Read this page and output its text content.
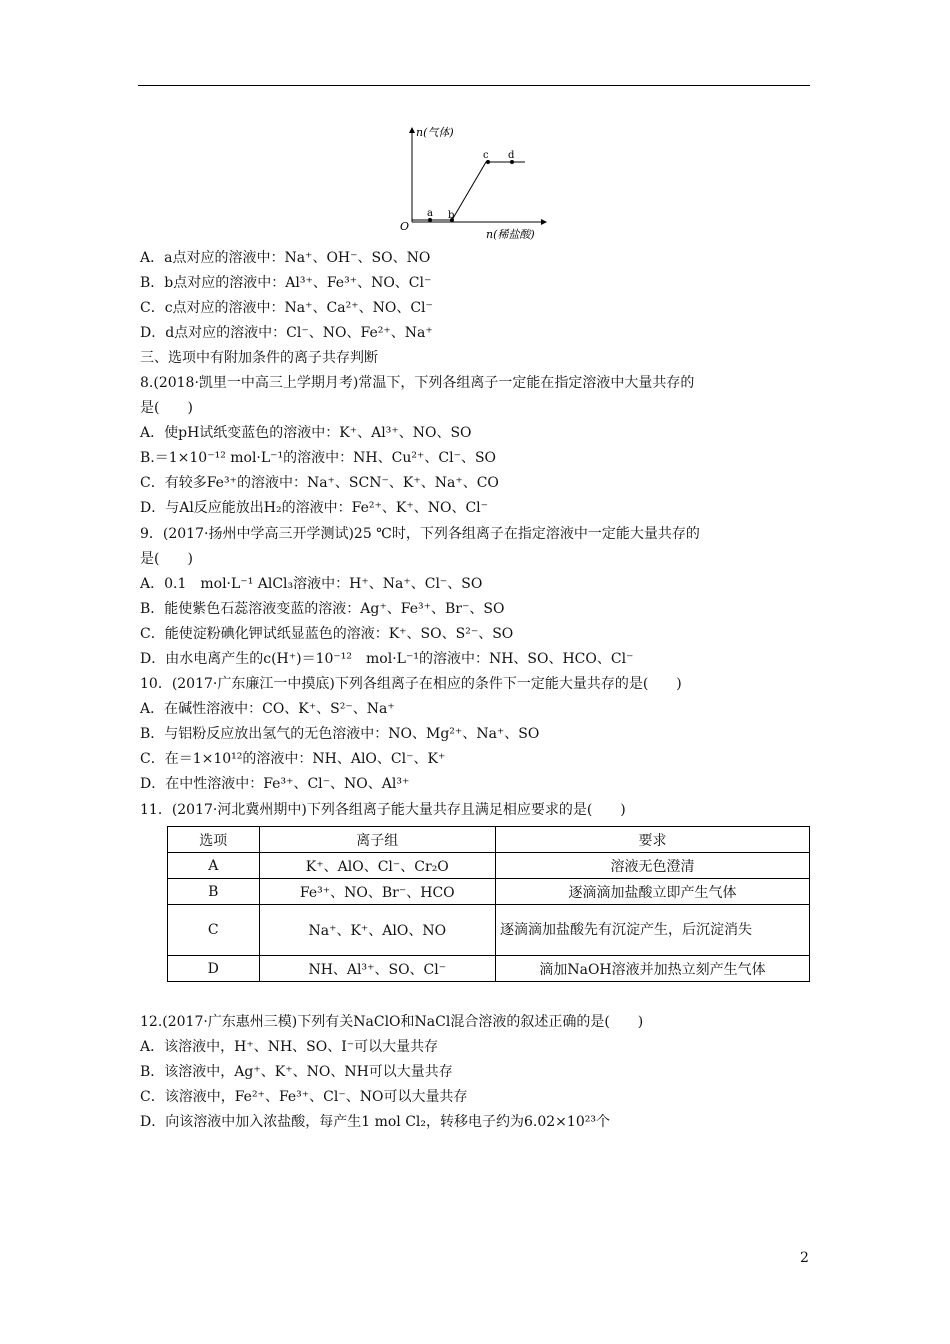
n(气体)
n(稀盐酸)
O
a b
c d
A．a点对应的溶液中：Na⁺、OH⁻、SO、NO
B．b点对应的溶液中：Al³⁺、Fe³⁺、NO、Cl⁻
C．c点对应的溶液中：Na⁺、Ca²⁺、NO、Cl⁻
D．d点对应的溶液中：Cl⁻、NO、Fe²⁺、Na⁺
三、选项中有附加条件的离子共存判断
8.(2018·凯里一中高三上学期月考)常温下，下列各组离子一定能在指定溶液中大量共存的
是(　　)
A．使pH试纸变蓝色的溶液中：K⁺、Al³⁺、NO、SO
B.＝1×10⁻¹² mol·L⁻¹的溶液中：NH、Cu²⁺、Cl⁻、SO
C．有较多Fe³⁺的溶液中：Na⁺、SCN⁻、K⁺、Na⁺、CO
D．与Al反应能放出H₂的溶液中：Fe²⁺、K⁺、NO、Cl⁻
9．(2017·扬州中学高三开学测试)25 ℃时，下列各组离子在指定溶液中一定能大量共存的
是(　　)
A．0.1　mol·L⁻¹ AlCl₃溶液中：H⁺、Na⁺、Cl⁻、SO
B．能使紫色石蕊溶液变蓝的溶液：Ag⁺、Fe³⁺、Br⁻、SO
C．能使淀粉碘化钾试纸显蓝色的溶液：K⁺、SO、S²⁻、SO
D．由水电离产生的c(H⁺)＝10⁻¹²　mol·L⁻¹的溶液中：NH、SO、HCO、Cl⁻
10．(2017·广东廉江一中摸底)下列各组离子在相应的条件下一定能大量共存的是(　　)
A．在碱性溶液中：CO、K⁺、S²⁻、Na⁺
B．与铝粉反应放出氢气的无色溶液中：NO、Mg²⁺、Na⁺、SO
C．在＝1×10¹²的溶液中：NH、AlO、Cl⁻、K⁺
D．在中性溶液中：Fe³⁺、Cl⁻、NO、Al³⁺
11．(2017·河北冀州期中)下列各组离子能大量共存且满足相应要求的是(　　)
选项	离子组	要求
A	K⁺、AlO、Cl⁻、Cr₂O	溶液无色澄清
B	Fe³⁺、NO、Br⁻、HCO	逐滴滴加盐酸立即产生气体
C	Na⁺、K⁺、AlO、NO	逐滴滴加盐酸先有沉淀产生，后沉淀消失
D	NH、Al³⁺、SO、Cl⁻	滴加NaOH溶液并加热立刻产生气体
12.(2017·广东惠州三模)下列有关NaClO和NaCl混合溶液的叙述正确的是(　　)
A．该溶液中，H⁺、NH、SO、I⁻可以大量共存
B．该溶液中，Ag⁺、K⁺、NO、NH可以大量共存
C．该溶液中，Fe²⁺、Fe³⁺、Cl⁻、NO可以大量共存
D．向该溶液中加入浓盐酸，每产生1 mol Cl₂，转移电子约为6.02×10²³个
2
